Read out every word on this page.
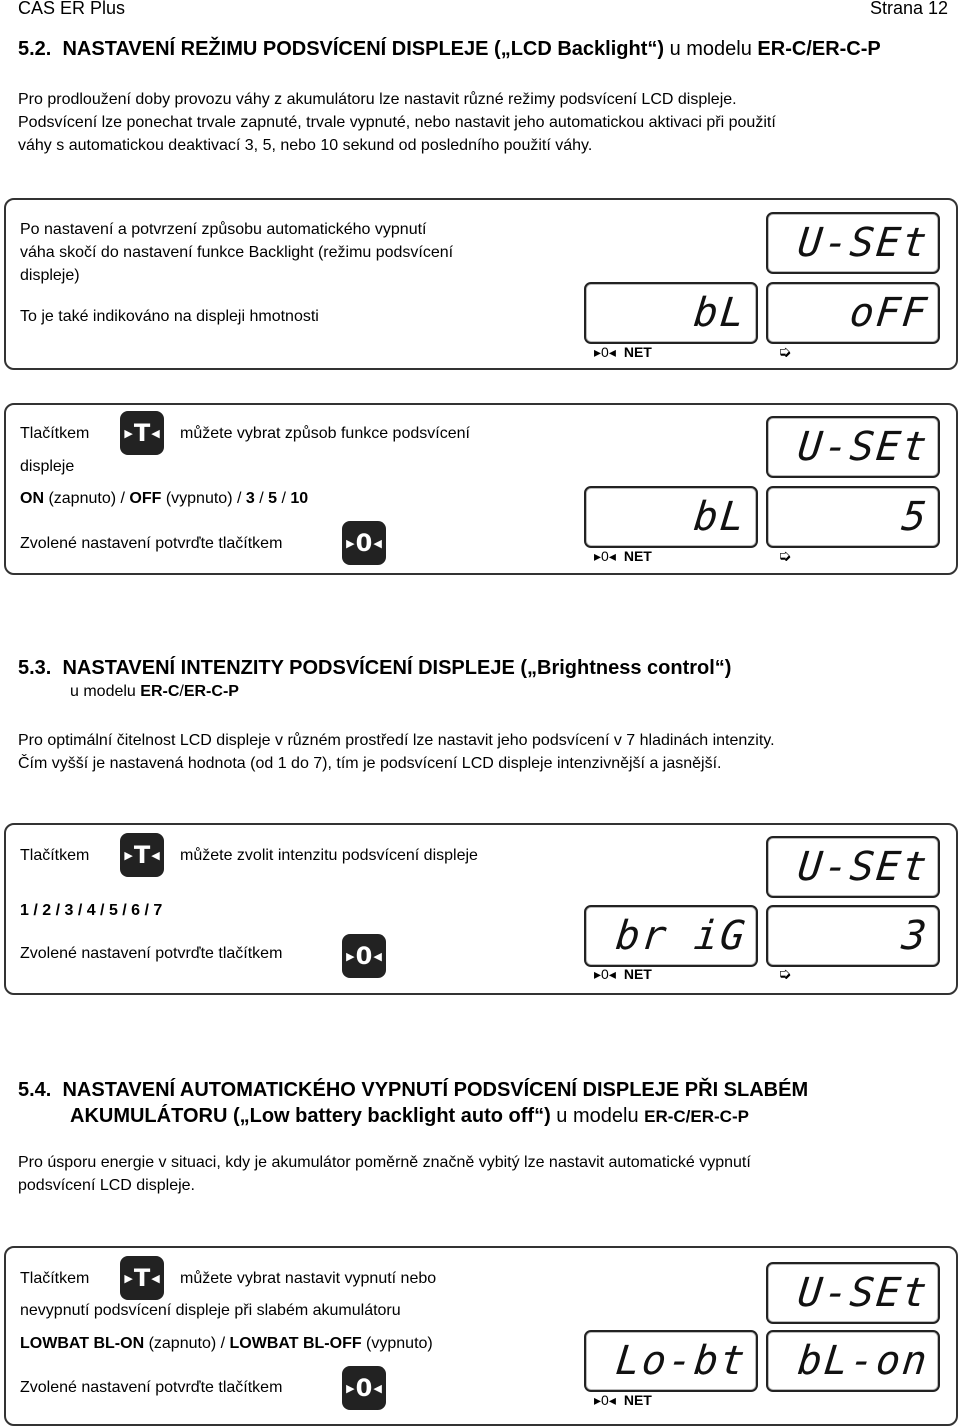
CAS ER Plus	Strana 12
5.2. NASTAVENÍ REŽIMU PODSVÍCENÍ DISPLEJE („LCD Backlight“) u modelu ER-C/ER-C-P
Pro prodloužení doby provozu váhy z akumulátoru lze nastavit různé režimy podsvícení LCD displeje.
Podsvícení lze ponechat trvale zapnuté, trvale vypnuté, nebo nastavit jeho automatickou aktivaci při použití
váhy s automatickou deaktivací 3, 5, nebo 10 sekund od posledního použití váhy.
Po nastavení a potvrzení způsobu automatického vypnutí
váha skočí do nastavení funkce Backlight (režimu podsvícení
displeje)
To je také indikováno na displeji hmotnosti
U-SEt
bL oFF
▸0◂ NET	➭
Tlačítkem	▶ T ◀ můžete vybrat způsob funkce podsvícení
displeje
ON (zapnuto) / OFF (vypnuto) / 3 / 5 / 10
Zvolené nastavení potvrďte tlačítkem	▶ 0 ◀
U-SEt
bL	5
▸0◂ NET	➭
5.3. NASTAVENÍ INTENZITY PODSVÍCENÍ DISPLEJE („Brightness control“)
u modelu ER-C/ER-C-P
Pro optimální čitelnost LCD displeje v různém prostředí lze nastavit jeho podsvícení v 7 hladinách intenzity.
Čím vyšší je nastavená hodnota (od 1 do 7), tím je podsvícení LCD displeje intenzivnější a jasnější.
Tlačítkem	▶ T ◀ můžete zvolit intenzitu podsvícení displeje
1 / 2 / 3 / 4 / 5 / 6 / 7
Zvolené nastavení potvrďte tlačítkem	▶ 0 ◀
U-SEt
br iG	3
▸0◂ NET	➭
5.4. NASTAVENÍ AUTOMATICKÉHO VYPNUTÍ PODSVÍCENÍ DISPLEJE PŘI SLABÉM
AKUMULÁTORU („Low battery backlight auto off“) u modelu ER-C/ER-C-P
Pro úsporu energie v situaci, kdy je akumulátor poměrně značně vybitý lze nastavit automatické vypnutí
podsvícení LCD displeje.
Tlačítkem	▶ T ◀ můžete vybrat nastavit vypnutí nebo
nevypnutí podsvícení displeje při slabém akumulátoru
LOWBAT BL-ON (zapnuto) / LOWBAT BL-OFF (vypnuto)
Zvolené nastavení potvrďte tlačítkem	▶ 0 ◀
U-SEt
Lo-bt bL-on
▸0◂ NET
